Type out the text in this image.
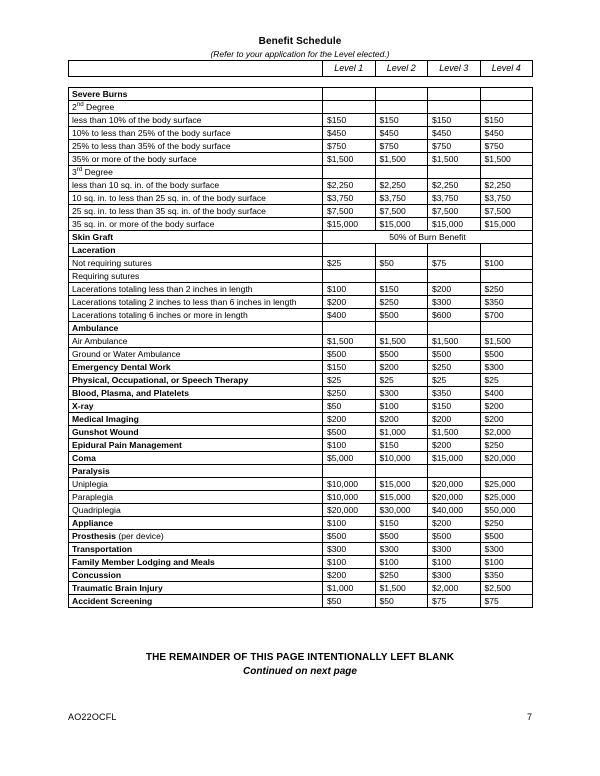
Benefit Schedule
(Refer to your application for the Level elected.)
	Level 1	Level 2	Level 3	Level 4
Severe Burns				
2nd Degree				
less than 10% of the body surface	$150	$150	$150	$150
10% to less than 25% of the body surface	$450	$450	$450	$450
25% to less than 35% of the body surface	$750	$750	$750	$750
35% or more of the body surface	$1,500	$1,500	$1,500	$1,500
3rd Degree				
less than 10 sq. in. of the body surface	$2,250	$2,250	$2,250	$2,250
10 sq. in. to less than 25 sq. in. of the body surface	$3,750	$3,750	$3,750	$3,750
25 sq. in. to less than 35 sq. in. of the body surface	$7,500	$7,500	$7,500	$7,500
35 sq. in. or more of the body surface	$15,000	$15,000	$15,000	$15,000
Skin Graft	50% of Burn Benefit			
Laceration				
Not requiring sutures	$25	$50	$75	$100
Requiring sutures				
Lacerations totaling less than 2 inches in length	$100	$150	$200	$250
Lacerations totaling 2 inches to less than 6 inches in length	$200	$250	$300	$350
Lacerations totaling 6 inches or more in length	$400	$500	$600	$700
Ambulance				
Air Ambulance	$1,500	$1,500	$1,500	$1,500
Ground or Water Ambulance	$500	$500	$500	$500
Emergency Dental Work	$150	$200	$250	$300
Physical, Occupational, or Speech Therapy	$25	$25	$25	$25
Blood, Plasma, and Platelets	$250	$300	$350	$400
X-ray	$50	$100	$150	$200
Medical Imaging	$200	$200	$200	$200
Gunshot Wound	$500	$1,000	$1,500	$2,000
Epidural Pain Management	$100	$150	$200	$250
Coma	$5,000	$10,000	$15,000	$20,000
Paralysis				
Uniplegia	$10,000	$15,000	$20,000	$25,000
Paraplegia	$10,000	$15,000	$20,000	$25,000
Quadriplegia	$20,000	$30,000	$40,000	$50,000
Appliance	$100	$150	$200	$250
Prosthesis (per device)	$500	$500	$500	$500
Transportation	$300	$300	$300	$300
Family Member Lodging and Meals	$100	$100	$100	$100
Concussion	$200	$250	$300	$350
Traumatic Brain Injury	$1,000	$1,500	$2,000	$2,500
Accident Screening	$50	$50	$75	$75
THE REMAINDER OF THIS PAGE INTENTIONALLY LEFT BLANK
Continued on next page
AO22OCFL	7
